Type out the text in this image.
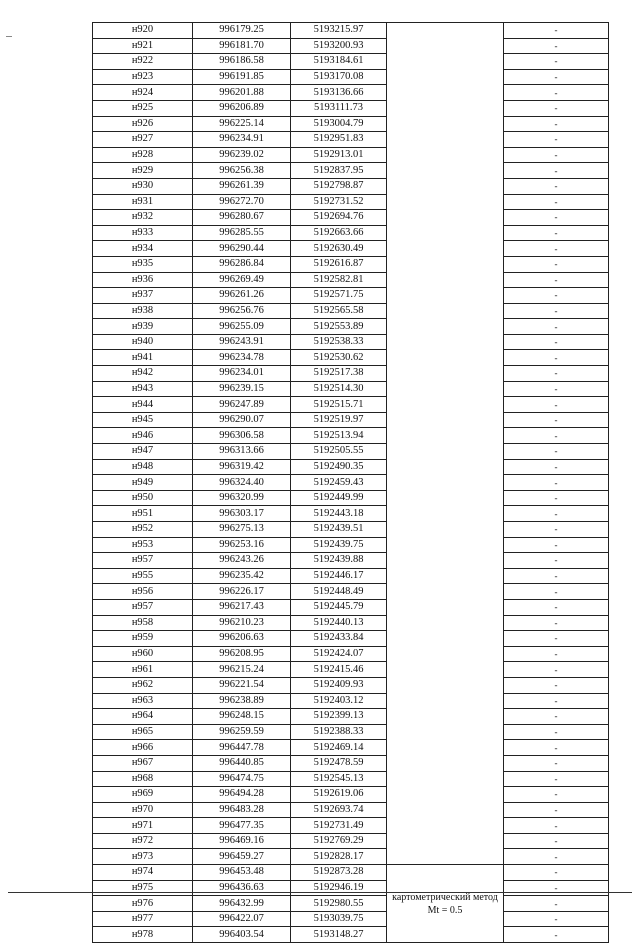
н920	996179.25	5193215.97		-
н921	996181.70	5193200.93		-
н922	996186.58	5193184.61		-
н923	996191.85	5193170.08		-
н924	996201.88	5193136.66		-
н925	996206.89	5193111.73		-
н926	996225.14	5193004.79		-
н927	996234.91	5192951.83		-
н928	996239.02	5192913.01		-
н929	996256.38	5192837.95		-
н930	996261.39	5192798.87		-
н931	996272.70	5192731.52		-
н932	996280.67	5192694.76		-
н933	996285.55	5192663.66		-
н934	996290.44	5192630.49		-
н935	996286.84	5192616.87		-
н936	996269.49	5192582.81		-
н937	996261.26	5192571.75		-
н938	996256.76	5192565.58		-
н939	996255.09	5192553.89		-
н940	996243.91	5192538.33		-
н941	996234.78	5192530.62		-
н942	996234.01	5192517.38		-
н943	996239.15	5192514.30		-
н944	996247.89	5192515.71		-
н945	996290.07	5192519.97		-
н946	996306.58	5192513.94		-
н947	996313.66	5192505.55		-
н948	996319.42	5192490.35		-
н949	996324.40	5192459.43		-
н950	996320.99	5192449.99		-
н951	996303.17	5192443.18		-
н952	996275.13	5192439.51		-
н953	996253.16	5192439.75		-
н957	996243.26	5192439.88		-
н955	996235.42	5192446.17		-
н956	996226.17	5192448.49		-
н957	996217.43	5192445.79		-
н958	996210.23	5192440.13		-
н959	996206.63	5192433.84		-
н960	996208.95	5192424.07		-
н961	996215.24	5192415.46		-
н962	996221.54	5192409.93		-
н963	996238.89	5192403.12		-
н964	996248.15	5192399.13		-
н965	996259.59	5192388.33		-
н966	996447.78	5192469.14		-
н967	996440.85	5192478.59		-
н968	996474.75	5192545.13		-
н969	996494.28	5192619.06		-
н970	996483.28	5192693.74		-
н971	996477.35	5192731.49		-
н972	996469.16	5192769.29		-
н973	996459.27	5192828.17		-
н974	996453.48	5192873.28	картометрический метод Mt = 0.5	-
н975	996436.63	5192946.19		-
н976	996432.99	5192980.55		-
н977	996422.07	5193039.75		-
н978	996403.54	5193148.27		-
